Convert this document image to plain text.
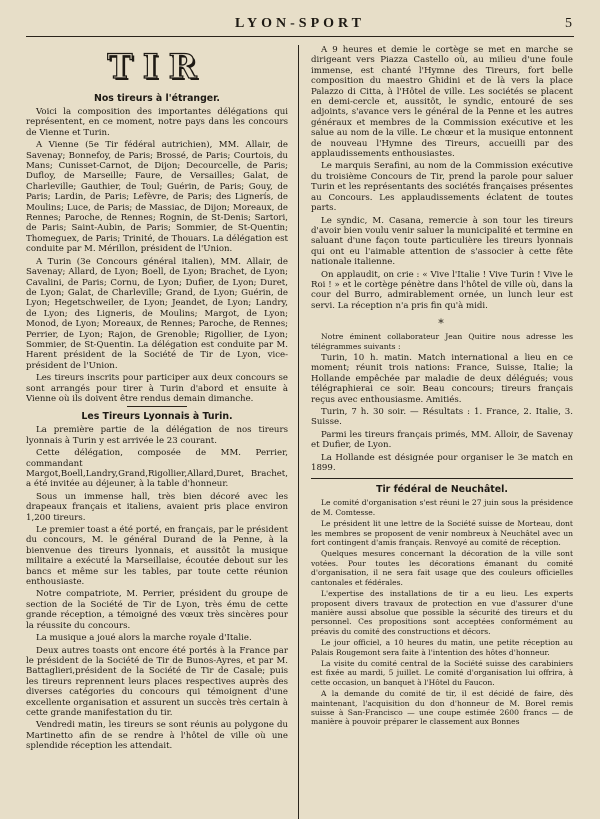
LYON-SPORT	5
TIR
Nos tireurs à l'étranger.

Voici la composition des importantes délégations qui représentent, en ce moment, notre pays dans les concours de Vienne et Turin.

A Vienne (5e Tir fédéral autrichien), MM. Allair, de Savenay; Bonnefoy, de Paris; Brossé, de Paris; Courtois, du Mans; Cunisset-Carnot, de Dijon; Decourcelle, de Paris; Dufloy, de Marseille; Faure, de Versailles; Galat, de Charleville; Gauthier, de Toul; Guérin, de Paris; Gouy, de Paris; Lardin, de Paris; Lefèvre, de Paris; des Lignerís, de Moulins; Luce, de Paris; de Massiac, de Dijon; Moreaux, de Rennes; Paroche, de Rennes; Rognin, de St-Denis; Sartori, de Paris; Saint-Aubin, de Paris; Sommier, de St-Quentin; Thomeguex, de Paris; Trinité, de Thouars. La délégation est conduite par M. Mérillon, président de l'Union.

A Turin (3e Concours général italien), MM. Allair, de Savenay; Allard, de Lyon; Boell, de Lyon; Brachet, de Lyon; Cavalini, de Paris; Cornu, de Lyon; Dufier, de Lyon; Duret, de Lyon; Galat, de Charleville; Grand, de Lyon; Guérin, de Lyon; Hegetschweiler, de Lyon; Jeandet, de Lyon; Landry, de Lyon; des Ligneris, de Moulins; Margot, de Lyon; Monod, de Lyon; Moreaux, de Rennes; Paroche, de Rennes; Perrier, de Lyon; Rajon, de Grenoble; Rigollier, de Lyon; Sommier, de St-Quentin. La délégation est conduite par M. Harent président de la Société de Tir de Lyon, vice-président de l'Union.

Les tireurs inscrits pour participer aux deux concours se sont arrangés pour tirer à Turin d'abord et ensuite à Vienne où ils doivent être rendus demain dimanche.

Les Tireurs Lyonnais à Turin.

La première partie de la délégation de nos tireurs lyonnais à Turin y est arrivée le 23 courant.

Cette délégation, composée de MM. Perrier, commandant Margot,Boell,Landry,Grand,Rigollier,Allard,Duret, Brachet, a été invitée au déjeuner, à la table d'honneur.

Sous un immense hall, très bien décoré avec les drapeaux français et italiens, avaient pris place environ 1,200 tireurs.

Le premier toast a été porté, en français, par le président du concours, M. le général Durand de la Penne, à la bienvenue des tireurs lyonnais, et aussitôt la musique militaire a exécuté la Marseillaise, écoutée debout sur les bancs et même sur les tables, par toute cette réunion enthousiaste.

Notre compatriote, M. Perrier, président du groupe de section de la Société de Tir de Lyon, très ému de cette grande réception, a témoigné des vœux très sincères pour la réussite du concours.

La musique a joué alors la marche royale d'Italie.

Deux autres toasts ont encore été portés à la France par le président de la Société de Tir de Bunos-Ayres, et par M. Battaglieri,président de la Société de Tir de Casale; puis les tireurs reprennent leurs places respectives auprès des diverses catégories du concours qui témoignent d'une excellente organisation et assurent un succès très certain à cette grande manifestation du tir.

Vendredi matin, les tireurs se sont réunis au polygone du Martinetto afin de se rendre à l'hôtel de ville où une splendide réception les attendait.

A 9 heures et demie le cortège se met en marche se dirigeant vers Piazza Castello où, au milieu d'une foule immense, est chanté l'Hymne des Tireurs, fort belle composition du maestro Ghidini et de là vers la place Palazzo di Citta, à l'Hôtel de ville. Les sociétés se placent en demi-cercle et, aussitôt, le syndic, entouré de ses adjoints, s'avance vers le général de la Penne et les autres généraux et membres de la Commission exécutive et les salue au nom de la ville. Le chœur et la musique entonnent de nouveau l'Hymne des Tireurs, accueilli par des applaudissements enthousiastes.

Le marquis Serafini, au nom de la Commission exécutive du troisième Concours de Tir, prend la parole pour saluer Turin et les représentants des sociétés françaises présentes au Concours. Les applaudissements éclatent de toutes parts.

Le syndic, M. Casana, remercie à son tour les tireurs d'avoir bien voulu venir saluer la municipalité et termine en saluant d'une façon toute particulière les tireurs lyonnais qui ont eu l'aimable attention de s'associer à cette fête nationale italienne.

On applaudit, on crie : « Vive l'Italie ! Vive Turin ! Vive le Roi ! » et le cortège pénètre dans l'hôtel de ville où, dans la cour del Burro, admirablement ornée, un lunch leur est servi. La réception n'a pris fin qu'à midi.

*

Notre éminent collaborateur Jean Quitire nous adresse les télégrammes suivants :

Turin, 10 h. matin. Match international a lieu en ce moment; réunit trois nations: France, Suisse, Italie; la Hollande empêchée par maladie de deux délégués; vous télégraphierai ce soir. Beau concours; tireurs français reçus avec enthousiasme. Amitiés.

Turin, 7 h. 30 soir. — Résultats : 1. France, 2. Italie, 3. Suisse.

Parmi les tireurs français primés, MM. Alloir, de Savenay et Dufier, de Lyon.

La Hollande est désignée pour organiser le 3e match en 1899.

Tir fédéral de Neuchâtel.

Le comité d'organisation s'est réuni le 27 juin sous la présidence de M. Comtesse.

Le président lit une lettre de la Société suisse de Morteau, dont les membres se proposent de venir nombreux à Neuchâtel avec un fort contingent d'amis français. Renvoyé au comité de réception.

Quelques mesures concernant la décoration de la ville sont votées. Pour toutes les décorations émanant du comité d'organisation, il ne sera fait usage que des couleurs officielles cantonales et fédérales.

L'expertise des installations de tir a eu lieu. Les experts proposent divers travaux de protection en vue d'assurer d'une manière aussi absolue que possible la sécurité des tireurs et du personnel. Ces propositions sont acceptées conformément au préavis du comité des constructions et décors.

Le jour officiel, a 10 heures du matin, une petite réception au Palais Rougemont sera faite à l'intention des hôtes d'honneur.

La visite du comité central de la Société suisse des carabiniers est fixée au mardi, 5 juillet. Le comité d'organisation lui offrira, à cette occasion, un banquet à l'Hôtel du Faucon.

A la demande du comité de tir, il est décidé de faire, dès maintenant, l'acquisition du don d'honneur de M. Borel remis suisse à San-Francisco — une coupe estimée 2600 francs — de manière à pouvoir préparer le classement aux Bonnes
